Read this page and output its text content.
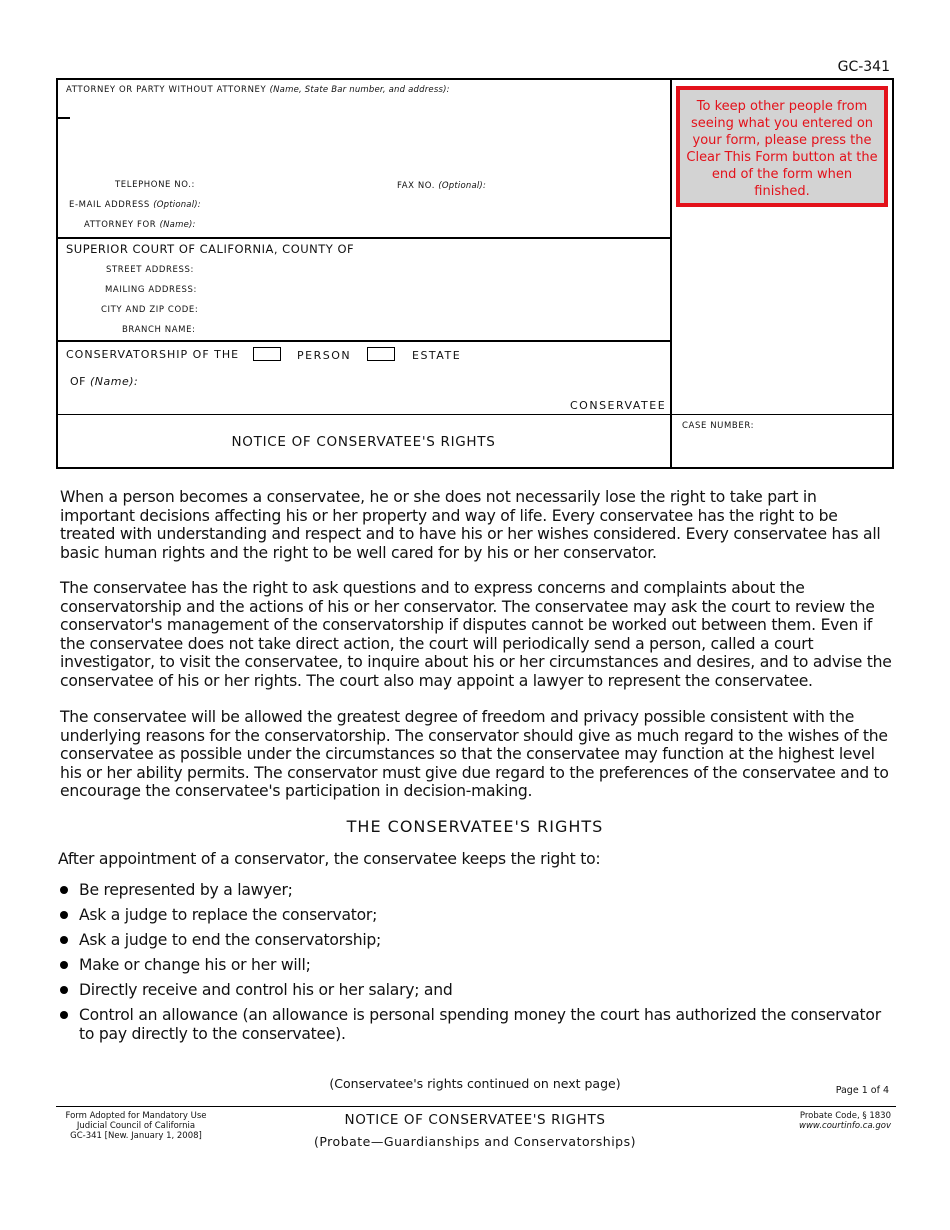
GC-341
ATTORNEY OR PARTY WITHOUT ATTORNEY (Name, State Bar number, and address):
TELEPHONE NO.:	FAX NO. (Optional):
E-MAIL ADDRESS (Optional):
ATTORNEY FOR (Name):
SUPERIOR COURT OF CALIFORNIA, COUNTY OF
STREET ADDRESS:
MAILING ADDRESS:
CITY AND ZIP CODE:
BRANCH NAME:
CONSERVATORSHIP OF THE	PERSON	ESTATE
OF (Name):
CONSERVATEE
NOTICE OF CONSERVATEE'S RIGHTS
CASE NUMBER:
To keep other people from seeing what you entered on your form, please press the Clear This Form button at the end of the form when finished.
When a person becomes a conservatee, he or she does not necessarily lose the right to take part in important decisions affecting his or her property and way of life. Every conservatee has the right to be treated with understanding and respect and to have his or her wishes considered. Every conservatee has all basic human rights and the right to be well cared for by his or her conservator.
The conservatee has the right to ask questions and to express concerns and complaints about the conservatorship and the actions of his or her conservator. The conservatee may ask the court to review the conservator's management of the conservatorship if disputes cannot be worked out between them. Even if the conservatee does not take direct action, the court will periodically send a person, called a court investigator, to visit the conservatee, to inquire about his or her circumstances and desires, and to advise the conservatee of his or her rights. The court also may appoint a lawyer to represent the conservatee.
The conservatee will be allowed the greatest degree of freedom and privacy possible consistent with the underlying reasons for the conservatorship. The conservator should give as much regard to the wishes of the conservatee as possible under the circumstances so that the conservatee may function at the highest level his or her ability permits. The conservator must give due regard to the preferences of the conservatee and to encourage the conservatee's participation in decision-making.
THE CONSERVATEE'S RIGHTS
After appointment of a conservator, the conservatee keeps the right to:
Be represented by a lawyer;
Ask a judge to replace the conservator;
Ask a judge to end the conservatorship;
Make or change his or her will;
Directly receive and control his or her salary; and
Control an allowance (an allowance is personal spending money the court has authorized the conservator to pay directly to the conservatee).
(Conservatee's rights continued on next page)	Page 1 of 4
Form Adopted for Mandatory Use
Judicial Council of California
GC-341 [New. January 1, 2008]
NOTICE OF CONSERVATEE'S RIGHTS
(Probate—Guardianships and Conservatorships)
Probate Code, § 1830
www.courtinfo.ca.gov
